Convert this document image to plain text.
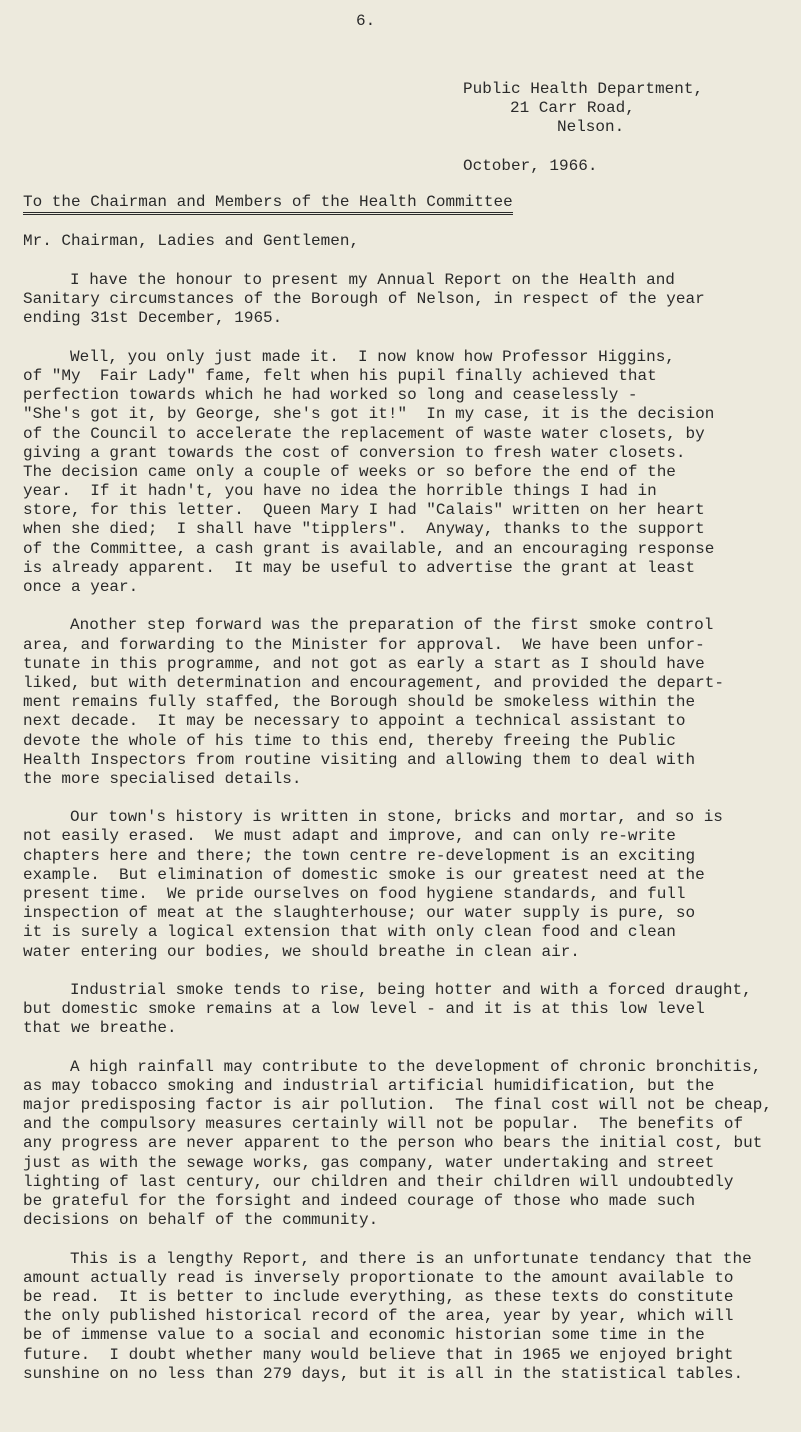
6.
Public Health Department,
21 Carr Road,
Nelson.
October, 1966.
To the Chairman and Members of the Health Committee
Mr. Chairman, Ladies and Gentlemen,
I have the honour to present my Annual Report on the Health and
Sanitary circumstances of the Borough of Nelson, in respect of the year
ending 31st December, 1965.
Well, you only just made it.  I now know how Professor Higgins,
of "My  Fair Lady" fame, felt when his pupil finally achieved that
perfection towards which he had worked so long and ceaselessly -
"She's got it, by George, she's got it!"  In my case, it is the decision
of the Council to accelerate the replacement of waste water closets, by
giving a grant towards the cost of conversion to fresh water closets.
The decision came only a couple of weeks or so before the end of the
year.  If it hadn't, you have no idea the horrible things I had in
store, for this letter.  Queen Mary I had "Calais" written on her heart
when she died;  I shall have "tipplers".  Anyway, thanks to the support
of the Committee, a cash grant is available, and an encouraging response
is already apparent.  It may be useful to advertise the grant at least
once a year.
Another step forward was the preparation of the first smoke control
area, and forwarding to the Minister for approval.  We have been unfor-
tunate in this programme, and not got as early a start as I should have
liked, but with determination and encouragement, and provided the depart-
ment remains fully staffed, the Borough should be smokeless within the
next decade.  It may be necessary to appoint a technical assistant to
devote the whole of his time to this end, thereby freeing the Public
Health Inspectors from routine visiting and allowing them to deal with
the more specialised details.
Our town's history is written in stone, bricks and mortar, and so is
not easily erased.  We must adapt and improve, and can only re-write
chapters here and there; the town centre re-development is an exciting
example.  But elimination of domestic smoke is our greatest need at the
present time.  We pride ourselves on food hygiene standards, and full
inspection of meat at the slaughterhouse; our water supply is pure, so
it is surely a logical extension that with only clean food and clean
water entering our bodies, we should breathe in clean air.
Industrial smoke tends to rise, being hotter and with a forced draught,
but domestic smoke remains at a low level - and it is at this low level
that we breathe.
A high rainfall may contribute to the development of chronic bronchitis,
as may tobacco smoking and industrial artificial humidification, but the
major predisposing factor is air pollution.  The final cost will not be cheap,
and the compulsory measures certainly will not be popular.  The benefits of
any progress are never apparent to the person who bears the initial cost, but
just as with the sewage works, gas company, water undertaking and street
lighting of last century, our children and their children will undoubtedly
be grateful for the forsight and indeed courage of those who made such
decisions on behalf of the community.
This is a lengthy Report, and there is an unfortunate tendancy that the
amount actually read is inversely proportionate to the amount available to
be read.  It is better to include everything, as these texts do constitute
the only published historical record of the area, year by year, which will
be of immense value to a social and economic historian some time in the
future.  I doubt whether many would believe that in 1965 we enjoyed bright
sunshine on no less than 279 days, but it is all in the statistical tables.
